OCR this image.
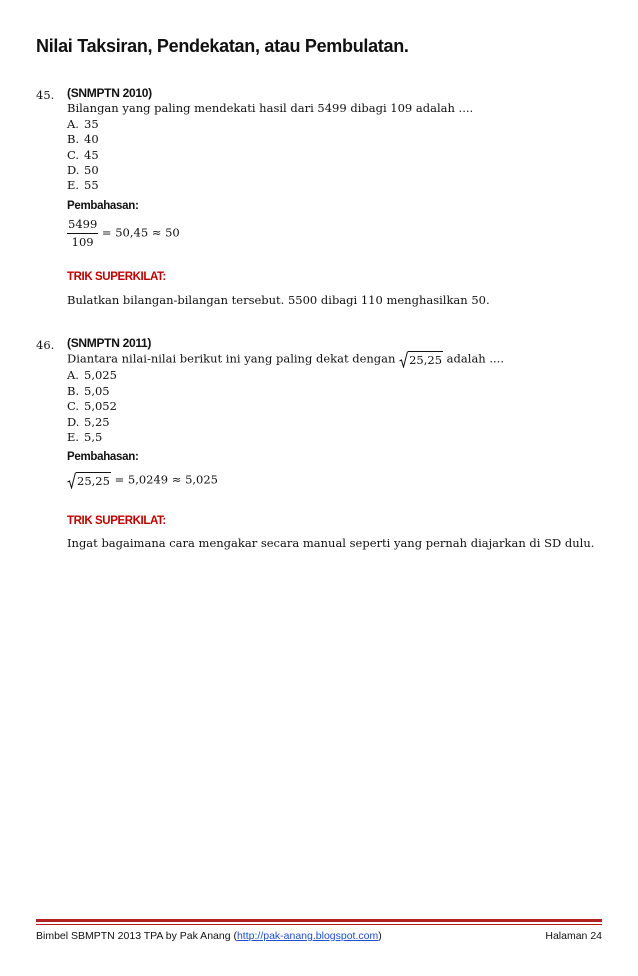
Nilai Taksiran, Pendekatan, atau Pembulatan.
45. (SNMPTN 2010)
Bilangan yang paling mendekati hasil dari 5499 dibagi 109 adalah ....
A. 35
B. 40
C. 45
D. 50
E. 55
Pembahasan:
$\frac{5499}{109} = 50,45 \approx 50$
TRIK SUPERKILAT:
Bulatkan bilangan-bilangan tersebut. 5500 dibagi 110 menghasilkan 50.
46. (SNMPTN 2011)
Diantara nilai-nilai berikut ini yang paling dekat dengan 25,25 adalah ....
A. 5,025
B. 5,05
C. 5,052
D. 5,25
E. 5,5
Pembahasan:
25,25 = 5,0249 ≈ 5,025
TRIK SUPERKILAT:
Ingat bagaimana cara mengakar secara manual seperti yang pernah diajarkan di SD dulu.
Bimbel SBMPTN 2013 TPA by Pak Anang (http://pak-anang.blogspot.com)	Halaman 24
